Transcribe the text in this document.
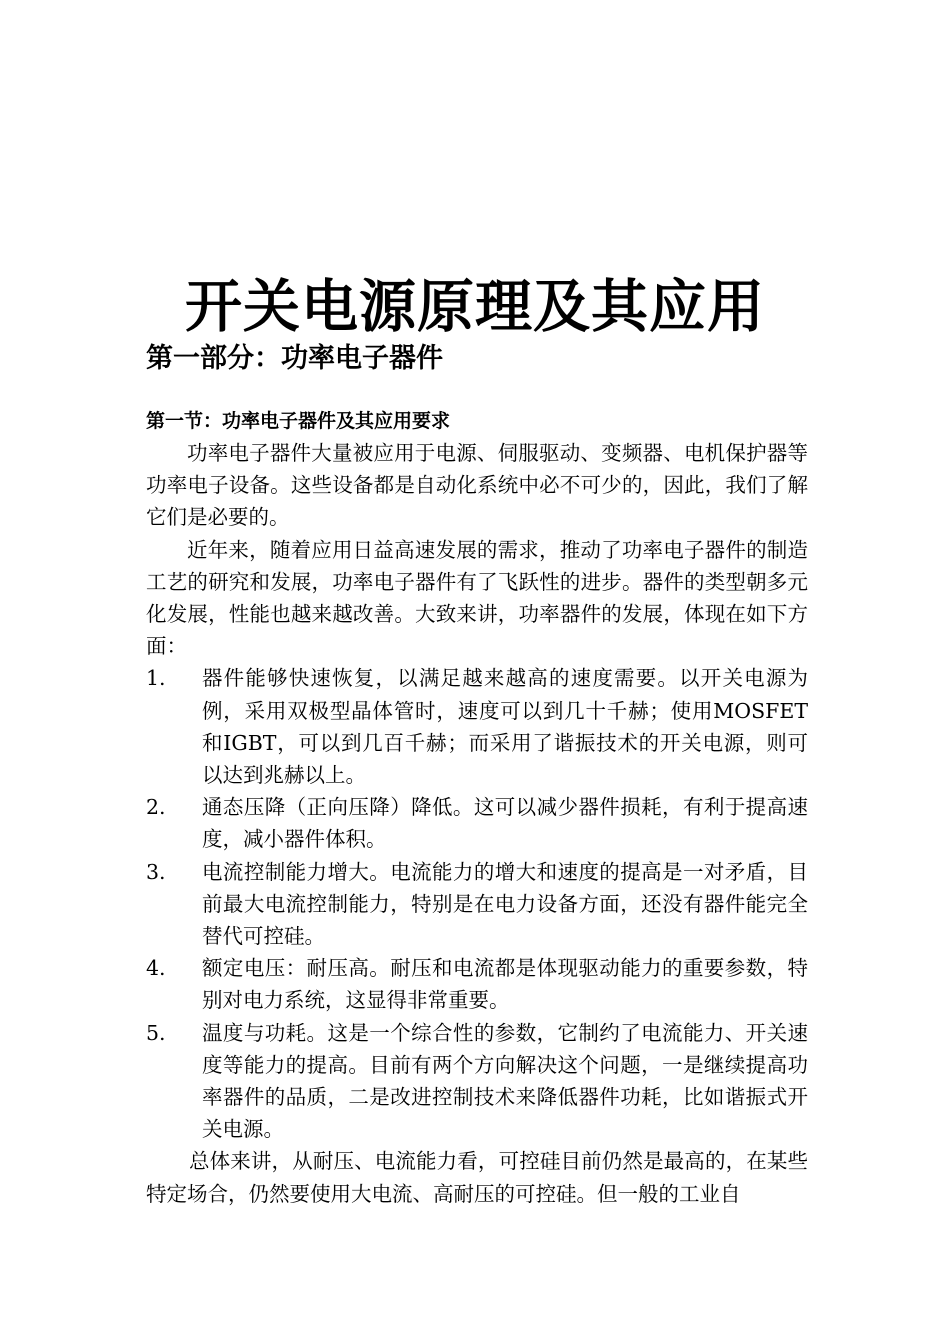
开关电源原理及其应用
第一部分：功率电子器件
第一节：功率电子器件及其应用要求

功率电子器件大量被应用于电源、伺服驱动、变频器、电机保护器等功率电子设备。这些设备都是自动化系统中必不可少的，因此，我们了解它们是必要的。

近年来，随着应用日益高速发展的需求，推动了功率电子器件的制造工艺的研究和发展，功率电子器件有了飞跃性的进步。器件的类型朝多元化发展，性能也越来越改善。大致来讲，功率器件的发展，体现在如下方面：

1.	器件能够快速恢复，以满足越来越高的速度需要。以开关电源为例，采用双极型晶体管时，速度可以到几十千赫；使用MOSFET和IGBT，可以到几百千赫；而采用了谐振技术的开关电源，则可以达到兆赫以上。
2.	通态压降（正向压降）降低。这可以减少器件损耗，有利于提高速度，减小器件体积。
3.	电流控制能力增大。电流能力的增大和速度的提高是一对矛盾，目前最大电流控制能力，特别是在电力设备方面，还没有器件能完全替代可控硅。
4.	额定电压：耐压高。耐压和电流都是体现驱动能力的重要参数，特别对电力系统，这显得非常重要。
5.	温度与功耗。这是一个综合性的参数，它制约了电流能力、开关速度等能力的提高。目前有两个方向解决这个问题，一是继续提高功率器件的品质，二是改进控制技术来降低器件功耗，比如谐振式开关电源。

总体来讲，从耐压、电流能力看，可控硅目前仍然是最高的，在某些特定场合，仍然要使用大电流、高耐压的可控硅。但一般的工业自
